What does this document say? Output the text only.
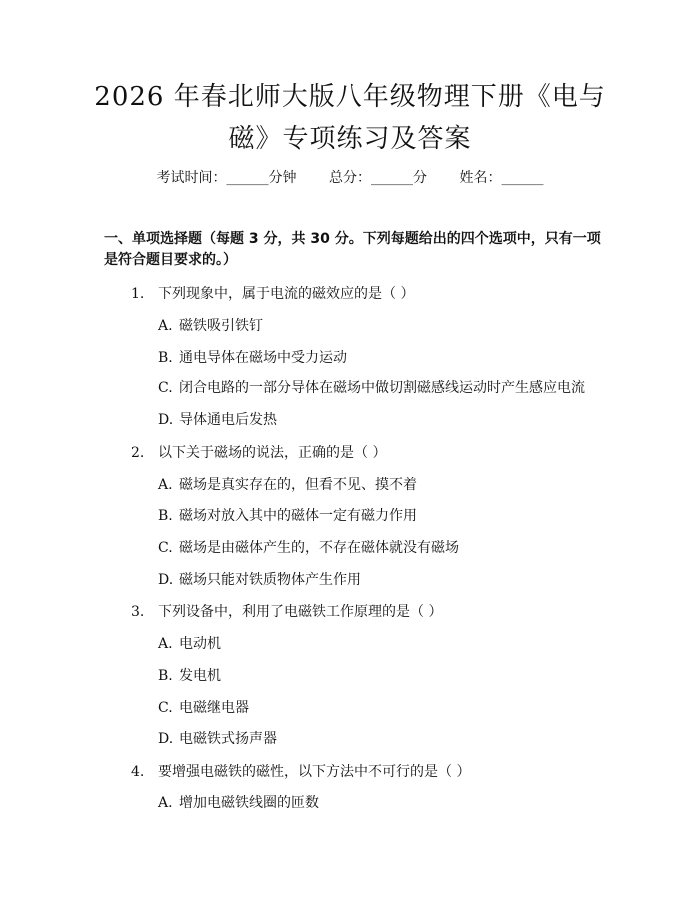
2026 年春北师大版八年级物理下册《电与
磁》专项练习及答案
考试时间：______分钟 总分：______分 姓名：______
一、单项选择题（每题 3 分，共 30 分。下列每题给出的四个选项中，只有一项是符合题目要求的。）
1. 下列现象中，属于电流的磁效应的是（ ）
A. 磁铁吸引铁钉
B. 通电导体在磁场中受力运动
C. 闭合电路的一部分导体在磁场中做切割磁感线运动时产生感应电流
D. 导体通电后发热
2. 以下关于磁场的说法，正确的是（ ）
A. 磁场是真实存在的，但看不见、摸不着
B. 磁场对放入其中的磁体一定有磁力作用
C. 磁场是由磁体产生的，不存在磁体就没有磁场
D. 磁场只能对铁质物体产生作用
3. 下列设备中，利用了电磁铁工作原理的是（ ）
A. 电动机
B. 发电机
C. 电磁继电器
D. 电磁铁式扬声器
4. 要增强电磁铁的磁性，以下方法中不可行的是（ ）
A. 增加电磁铁线圈的匝数
